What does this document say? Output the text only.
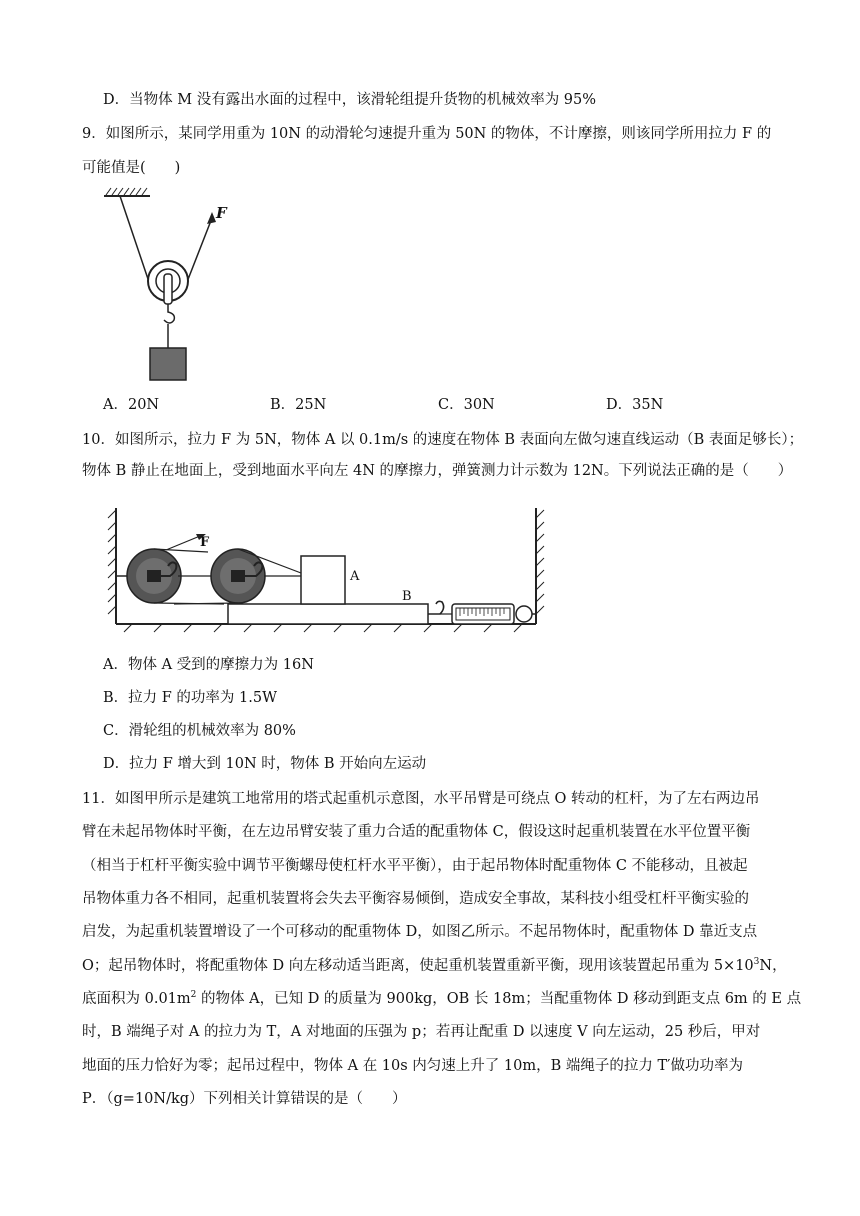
D．当物体 M 没有露出水面的过程中，该滑轮组提升货物的机械效率为 95%
9．如图所示，某同学用重为 10N 的动滑轮匀速提升重为 50N 的物体，不计摩擦，则该同学所用拉力 F 的
可能值是(　　)
F
A．20N	B．25N	C．30N	D．35N
10．如图所示，拉力 F 为 5N，物体 A 以 0.1m/s 的速度在物体 B 表面向左做匀速直线运动（B 表面足够长）；
物体 B 静止在地面上，受到地面水平向左 4N 的摩擦力，弹簧测力计示数为 12N。下列说法正确的是（　　）
F
B
A
A．物体 A 受到的摩擦力为 16N
B．拉力 F 的功率为 1.5W
C．滑轮组的机械效率为 80%
D．拉力 F 增大到 10N 时，物体 B 开始向左运动
11．如图甲所示是建筑工地常用的塔式起重机示意图，水平吊臂是可绕点 O 转动的杠杆，为了左右两边吊
臂在未起吊物体时平衡，在左边吊臂安装了重力合适的配重物体 C，假设这时起重机装置在水平位置平衡
（相当于杠杆平衡实验中调节平衡螺母使杠杆水平平衡），由于起吊物体时配重物体 C 不能移动，且被起
吊物体重力各不相同，起重机装置将会失去平衡容易倾倒，造成安全事故，某科技小组受杠杆平衡实验的
启发，为起重机装置增设了一个可移动的配重物体 D，如图乙所示。不起吊物体时，配重物体 D 靠近支点
O；起吊物体时，将配重物体 D 向左移动适当距离，使起重机装置重新平衡，现用该装置起吊重为 $5\times 10^3N$，
底面积为 $0.01m^2$ 的物体 A，已知 D 的质量为 900kg，OB 长 18m；当配重物体 D 移动到距支点 6m 的 E 点
时，B 端绳子对 A 的拉力为 T，A 对地面的压强为 p；若再让配重 D 以速度 V 向左运动，25 秒后，甲对
地面的压力恰好为零；起吊过程中，物体 A 在 10s 内匀速上升了 10m，B 端绳子的拉力 T′做功功率为
P．（g=10N/kg）下列相关计算错误的是（　　）
